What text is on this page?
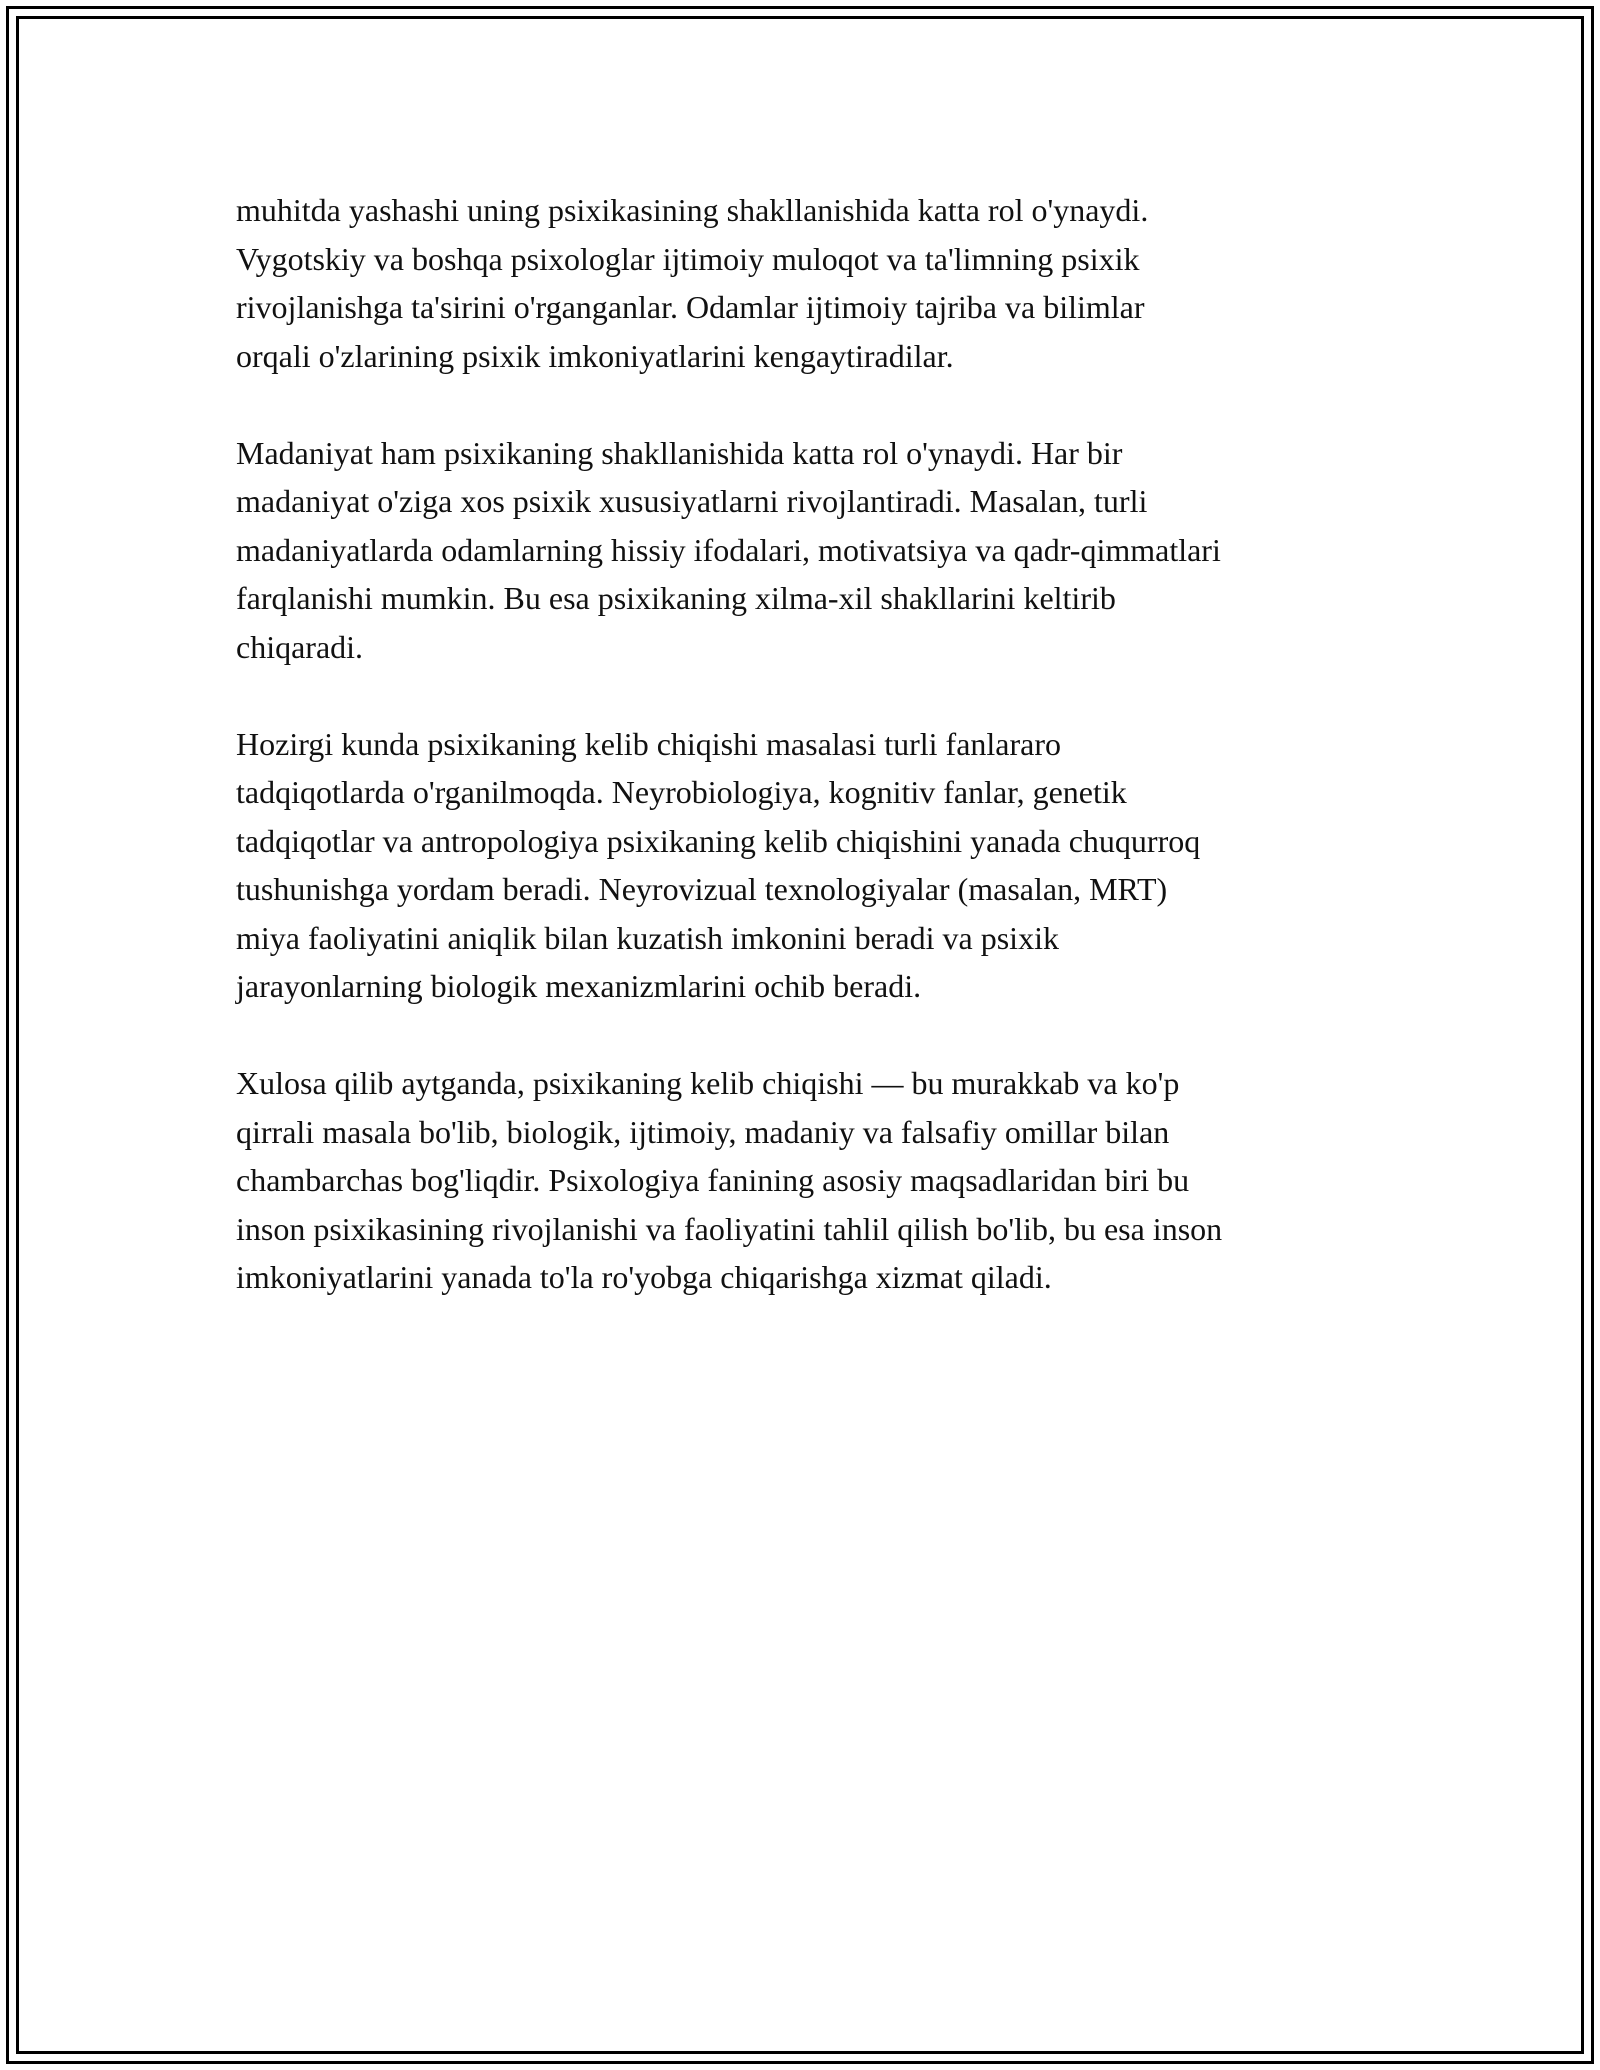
muhitda yashashi uning psixikasining shakllanishida katta rol o'ynaydi.
Vygotskiy va boshqa psixologlar ijtimoiy muloqot va ta'limning psixik
rivojlanishga ta'sirini o'rganganlar. Odamlar ijtimoiy tajriba va bilimlar
orqali o'zlarining psixik imkoniyatlarini kengaytiradilar.

Madaniyat ham psixikaning shakllanishida katta rol o'ynaydi. Har bir
madaniyat o'ziga xos psixik xususiyatlarni rivojlantiradi. Masalan, turli
madaniyatlarda odamlarning hissiy ifodalari, motivatsiya va qadr-qimmatlari
farqlanishi mumkin. Bu esa psixikaning xilma-xil shakllarini keltirib
chiqaradi.

Hozirgi kunda psixikaning kelib chiqishi masalasi turli fanlararo
tadqiqotlarda o'rganilmoqda. Neyrobiologiya, kognitiv fanlar, genetik
tadqiqotlar va antropologiya psixikaning kelib chiqishini yanada chuqurroq
tushunishga yordam beradi. Neyrovizual texnologiyalar (masalan, MRT)
miya faoliyatini aniqlik bilan kuzatish imkonini beradi va psixik
jarayonlarning biologik mexanizmlarini ochib beradi.

Xulosa qilib aytganda, psixikaning kelib chiqishi — bu murakkab va ko'p
qirrali masala bo'lib, biologik, ijtimoiy, madaniy va falsafiy omillar bilan
chambarchas bog'liqdir. Psixologiya fanining asosiy maqsadlaridan biri bu
inson psixikasining rivojlanishi va faoliyatini tahlil qilish bo'lib, bu esa inson
imkoniyatlarini yanada to'la ro'yobga chiqarishga xizmat qiladi.
